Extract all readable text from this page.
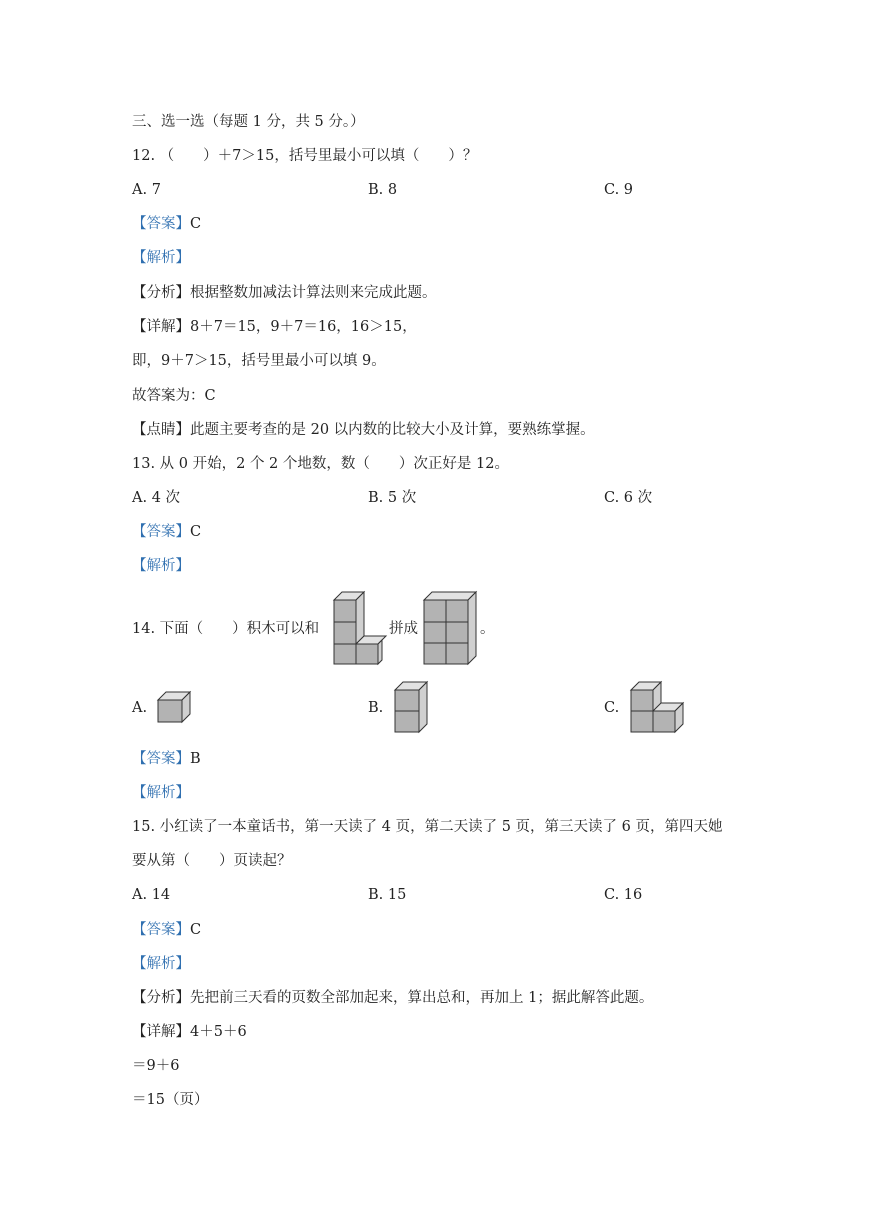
三、选一选（每题 1 分，共 5 分。）
12. （　　）＋7＞15，括号里最小可以填（　　）？
A. 7	B. 8	C. 9
【答案】C
【解析】
【分析】根据整数加减法计算法则来完成此题。
【详解】8＋7＝15，9＋7＝16，16＞15，
即，9＋7＞15，括号里最小可以填 9。
故答案为：C
【点睛】此题主要考查的是 20 以内数的比较大小及计算，要熟练掌握。
13. 从 0 开始，2 个 2 个地数，数（　　）次正好是 12。
A. 4 次	B. 5 次	C. 6 次
【答案】C
【解析】
14. 下面（　　）积木可以和	拼成	。
A.	B.	C.
【答案】B
【解析】
15. 小红读了一本童话书，第一天读了 4 页，第二天读了 5 页，第三天读了 6 页，第四天她
要从第（　　）页读起？
A. 14	B. 15	C. 16
【答案】C
【解析】
【分析】先把前三天看的页数全部加起来，算出总和，再加上 1；据此解答此题。
【详解】4＋5＋6
＝9＋6
＝15（页）
